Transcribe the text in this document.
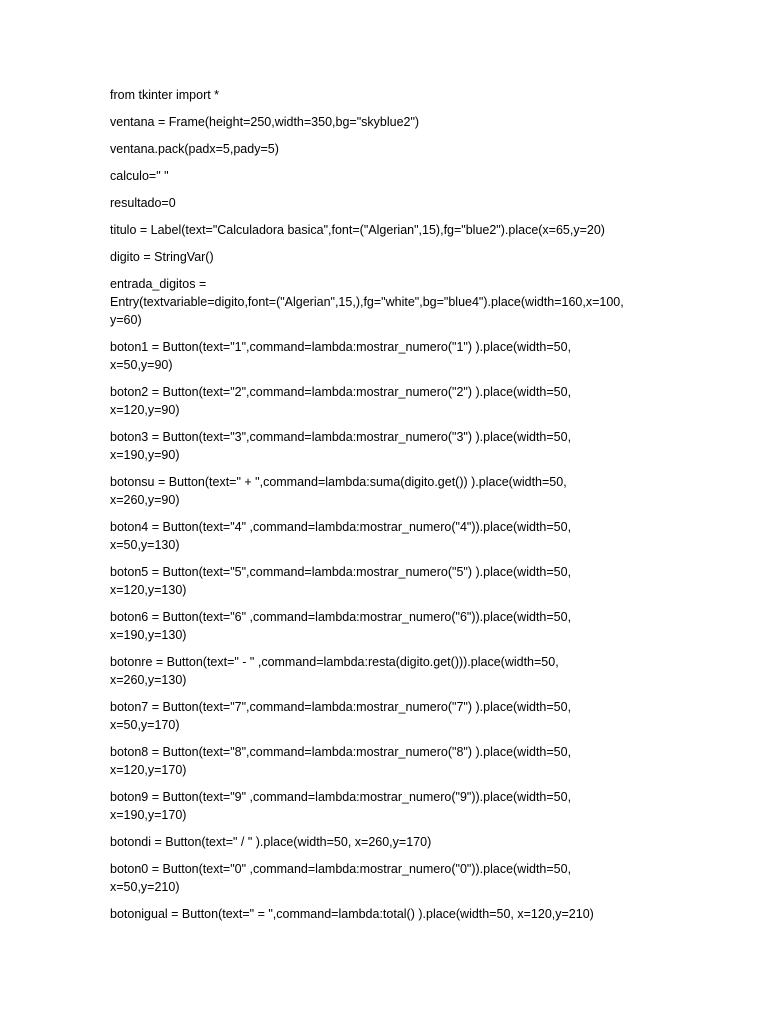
from tkinter import *

ventana = Frame(height=250,width=350,bg="skyblue2")

ventana.pack(padx=5,pady=5)

calculo=" "

resultado=0

titulo = Label(text="Calculadora basica",font=("Algerian",15),fg="blue2").place(x=65,y=20)

digito = StringVar()

entrada_digitos =
Entry(textvariable=digito,font=("Algerian",15,),fg="white",bg="blue4").place(width=160,x=100,
y=60)

boton1 = Button(text="1",command=lambda:mostrar_numero("1") ).place(width=50,
x=50,y=90)

boton2 = Button(text="2",command=lambda:mostrar_numero("2") ).place(width=50,
x=120,y=90)

boton3 = Button(text="3",command=lambda:mostrar_numero("3") ).place(width=50,
x=190,y=90)

botonsu = Button(text=" + ",command=lambda:suma(digito.get()) ).place(width=50,
x=260,y=90)

boton4 = Button(text="4" ,command=lambda:mostrar_numero("4")).place(width=50,
x=50,y=130)

boton5 = Button(text="5",command=lambda:mostrar_numero("5") ).place(width=50,
x=120,y=130)

boton6 = Button(text="6" ,command=lambda:mostrar_numero("6")).place(width=50,
x=190,y=130)

botonre = Button(text=" - " ,command=lambda:resta(digito.get())).place(width=50,
x=260,y=130)

boton7 = Button(text="7",command=lambda:mostrar_numero("7") ).place(width=50,
x=50,y=170)

boton8 = Button(text="8",command=lambda:mostrar_numero("8") ).place(width=50,
x=120,y=170)

boton9 = Button(text="9" ,command=lambda:mostrar_numero("9")).place(width=50,
x=190,y=170)

botondi = Button(text=" / " ).place(width=50, x=260,y=170)

boton0 = Button(text="0" ,command=lambda:mostrar_numero("0")).place(width=50,
x=50,y=210)

botonigual = Button(text=" = ",command=lambda:total() ).place(width=50, x=120,y=210)
